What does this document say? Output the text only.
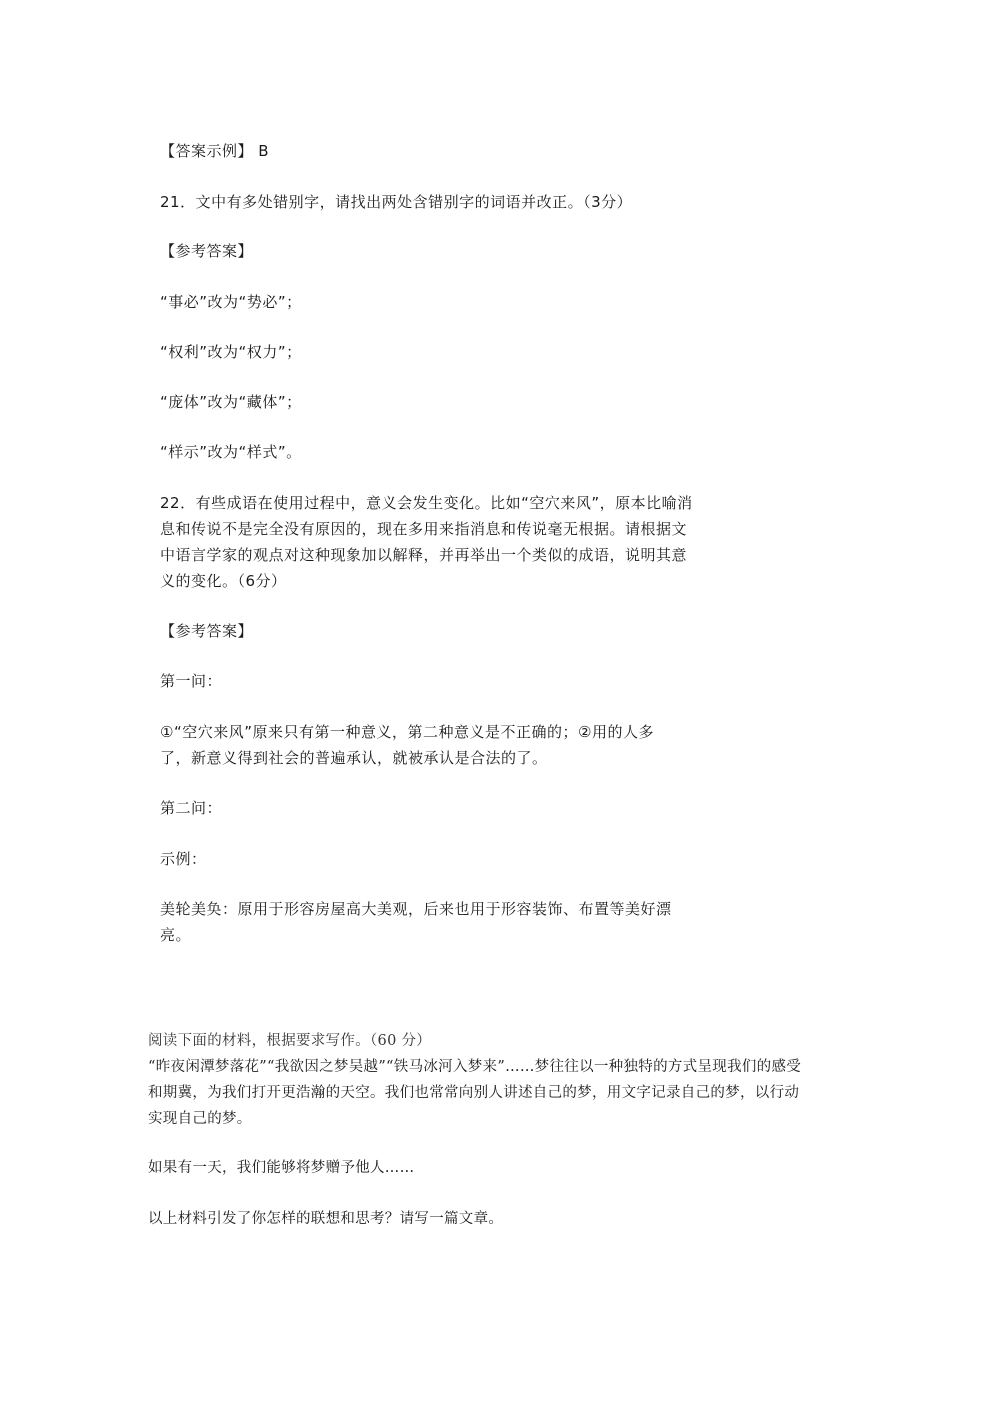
【答案示例】 B
21．文中有多处错别字，请找出两处含错别字的词语并改正。（3分）
【参考答案】
“事必”改为“势必”；
“权利”改为“权力”；
“庞体”改为“藏体”；
“样示”改为“样式”。
22．有些成语在使用过程中，意义会发生变化。比如“空穴来风”，原本比喻消
息和传说不是完全没有原因的，现在多用来指消息和传说毫无根据。请根据文
中语言学家的观点对这种现象加以解释，并再举出一个类似的成语，说明其意
义的变化。（6分）
【参考答案】
第一问：
①“空穴来风”原来只有第一种意义，第二种意义是不正确的；②用的人多
了，新意义得到社会的普遍承认，就被承认是合法的了。
第二问：
示例：
美轮美奂：原用于形容房屋高大美观，后来也用于形容装饰、布置等美好漂
亮。
阅读下面的材料，根据要求写作。（60 分）
“昨夜闲潭梦落花”“我欲因之梦吴越”“铁马冰河入梦来”……梦往往以一种独特的方式呈现我们的感受
和期冀，为我们打开更浩瀚的天空。我们也常常向别人讲述自己的梦，用文字记录自己的梦，以行动
实现自己的梦。
如果有一天，我们能够将梦赠予他人……
以上材料引发了你怎样的联想和思考？请写一篇文章。
